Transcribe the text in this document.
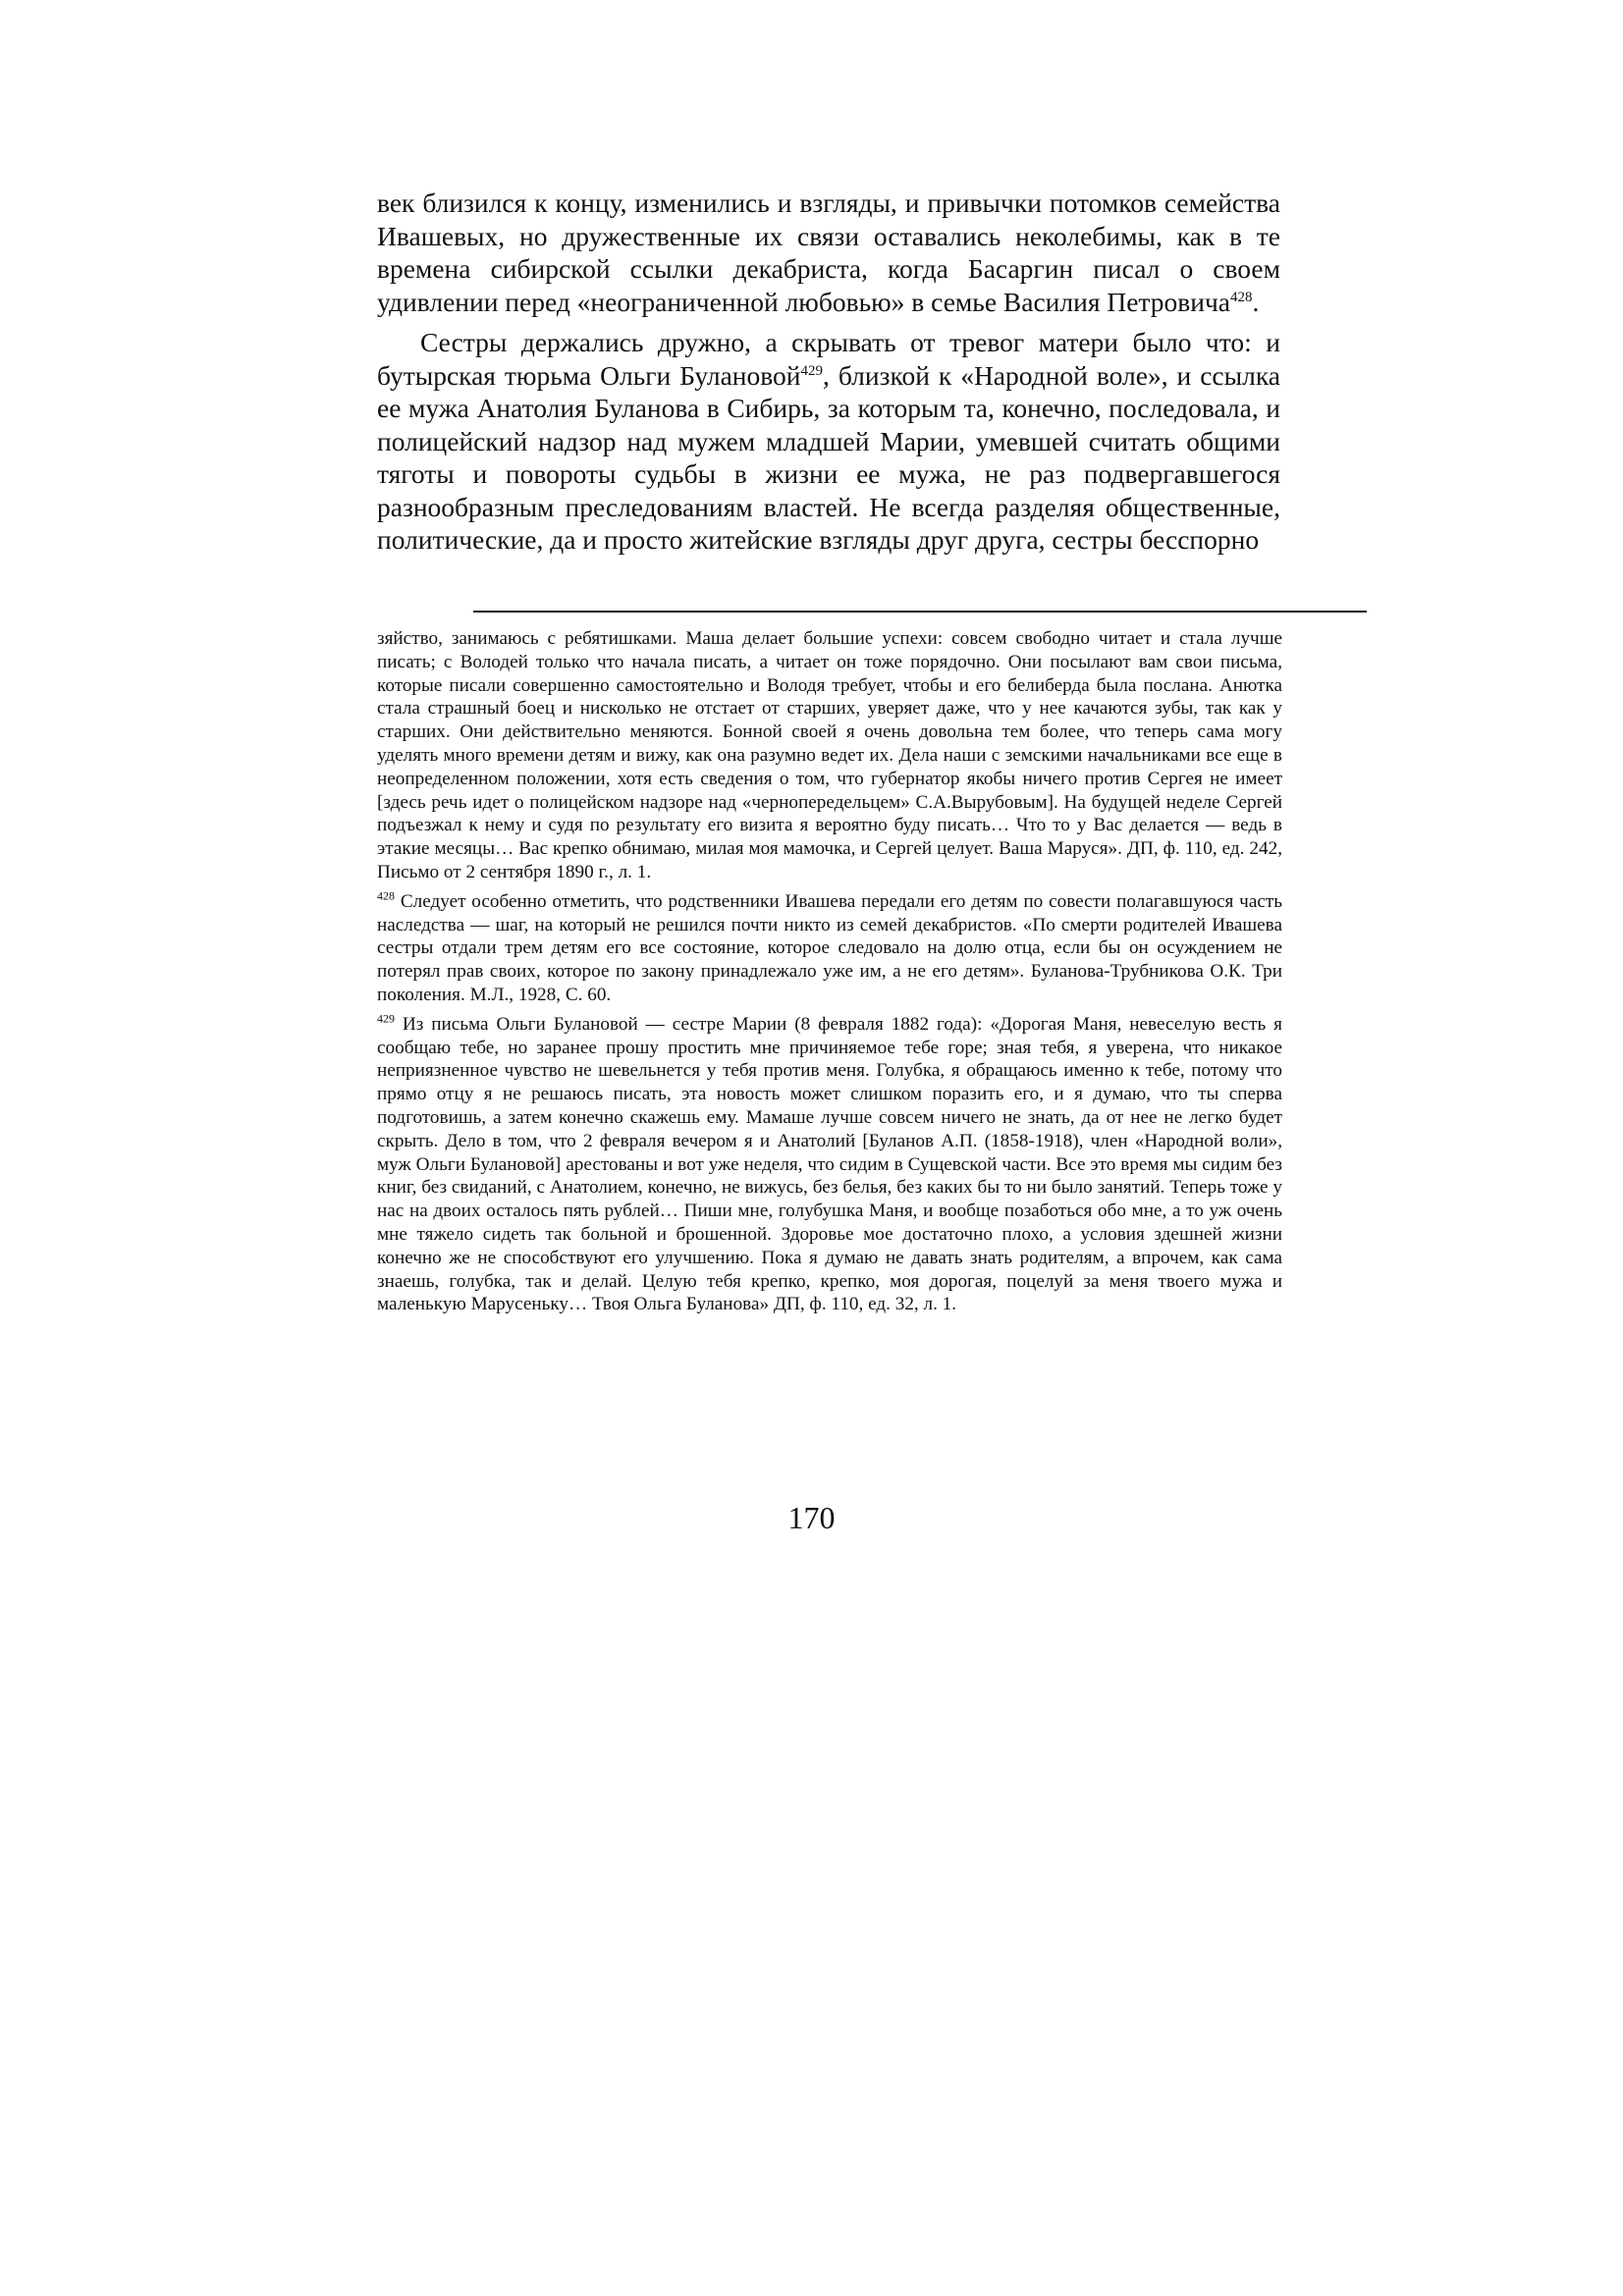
век близился к концу, изменились и взгляды, и привычки потомков семейства Ивашевых, но дружественные их связи оставались неколебимы, как в те времена сибирской ссылки декабриста, когда Басаргин писал о своем удивлении перед «неограниченной любовью» в семье Василия Петровича$^{428}$.

Сестры держались дружно, а скрывать от тревог матери было что: и бутырская тюрьма Ольги Булановой$^{429}$, близкой к «Народной воле», и ссылка ее мужа Анатолия Буланова в Сибирь, за которым та, конечно, последовала, и полицейский надзор над мужем младшей Марии, умевшей считать общими тяготы и повороты судьбы в жизни ее мужа, не раз подвергавшегося разнообразным преследованиям властей. Не всегда разделяя общественные, политические, да и просто житейские взгляды друг друга, сестры бесспорно

зяйство, занимаюсь с ребятишками. Маша делает большие успехи: совсем свободно читает и стала лучше писать; с Володей только что начала писать, а читает он тоже порядочно. Они посылают вам свои письма, которые писали совершенно самостоятельно и Володя требует, чтобы и его белиберда была послана. Анютка стала страшный боец и нисколько не отстает от старших, уверяет даже, что у нее качаются зубы, так как у старших. Они действительно меняются. Бонной своей я очень довольна тем более, что теперь сама могу уделять много времени детям и вижу, как она разумно ведет их. Дела наши с земскими начальниками все еще в неопределенном положении, хотя есть сведения о том, что губернатор якобы ничего против Сергея не имеет [здесь речь идет о полицейском надзоре над «чернопередельцем» С.А.Вырубовым]. На будущей неделе Сергей подъезжал к нему и судя по результату его визита я вероятно буду писать… Что то у Вас делается — ведь в этакие месяцы… Вас крепко обнимаю, милая моя мамочка, и Сергей целует. Ваша Маруся». ДП, ф. 110, ед. 242, Письмо от 2 сентября 1890 г., л. 1.

$^{428}$ Следует особенно отметить, что родственники Ивашева передали его детям по совести полагавшуюся часть наследства — шаг, на который не решился почти никто из семей декабристов. «По смерти родителей Ивашева сестры отдали трем детям его все состояние, которое следовало на долю отца, если бы он осуждением не потерял прав своих, которое по закону принадлежало уже им, а не его детям». Буланова-Трубникова О.К. Три поколения. М.Л., 1928, С. 60.

$^{429}$ Из письма Ольги Булановой — сестре Марии (8 февраля 1882 года): «Дорогая Маня, невеселую весть я сообщаю тебе, но заранее прошу простить мне причиняемое тебе горе; зная тебя, я уверена, что никакое неприязненное чувство не шевельнется у тебя против меня. Голубка, я обращаюсь именно к тебе, потому что прямо отцу я не решаюсь писать, эта новость может слишком поразить его, и я думаю, что ты сперва подготовишь, а затем конечно скажешь ему. Мамаше лучше совсем ничего не знать, да от нее не легко будет скрыть. Дело в том, что 2 февраля вечером я и Анатолий [Буланов А.П. (1858-1918), член «Народной воли», муж Ольги Булановой] арестованы и вот уже неделя, что сидим в Сущевской части. Все это время мы сидим без книг, без свиданий, с Анатолием, конечно, не вижусь, без белья, без каких бы то ни было занятий. Теперь тоже у нас на двоих осталось пять рублей… Пиши мне, голубушка Маня, и вообще позаботься обо мне, а то уж очень мне тяжело сидеть так больной и брошенной. Здоровье мое достаточно плохо, а условия здешней жизни конечно же не способствуют его улучшению. Пока я думаю не давать знать родителям, а впрочем, как сама знаешь, голубка, так и делай. Целую тебя крепко, крепко, моя дорогая, поцелуй за меня твоего мужа и маленькую Марусеньку… Твоя Ольга Буланова» ДП, ф. 110, ед. 32, л. 1.

170
